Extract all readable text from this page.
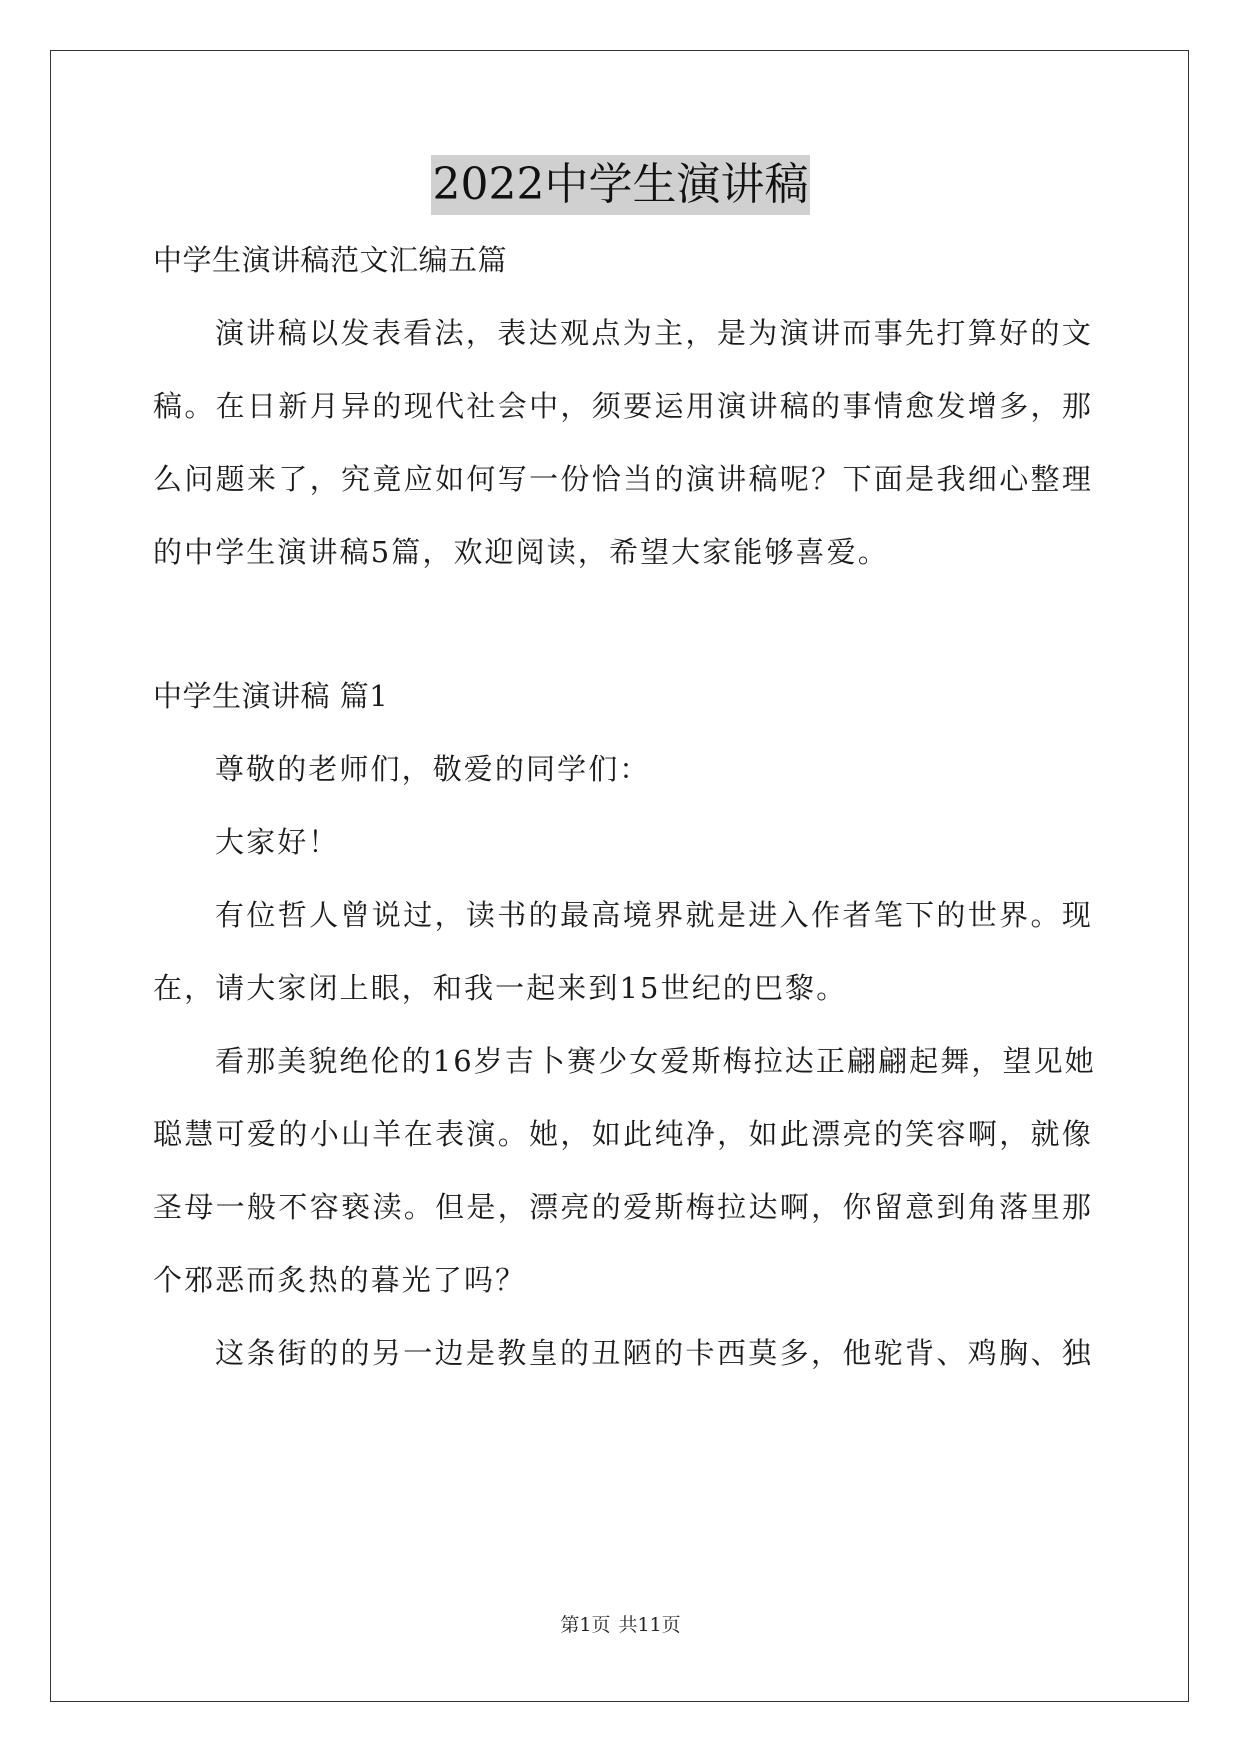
2022中学生演讲稿
中学生演讲稿范文汇编五篇
演讲稿以发表看法，表达观点为主，是为演讲而事先打算好的文
稿。在日新月异的现代社会中，须要运用演讲稿的事情愈发增多，那
么问题来了，究竟应如何写一份恰当的演讲稿呢？下面是我细心整理
的中学生演讲稿5篇，欢迎阅读，希望大家能够喜爱。
中学生演讲稿 篇1
尊敬的老师们，敬爱的同学们：
大家好！
有位哲人曾说过，读书的最高境界就是进入作者笔下的世界。现
在，请大家闭上眼，和我一起来到15世纪的巴黎。
看那美貌绝伦的16岁吉卜赛少女爱斯梅拉达正翩翩起舞，望见她
聪慧可爱的小山羊在表演。她，如此纯净，如此漂亮的笑容啊，就像
圣母一般不容亵渎。但是，漂亮的爱斯梅拉达啊，你留意到角落里那
个邪恶而炙热的暮光了吗？
这条街的的另一边是教皇的丑陋的卡西莫多，他驼背、鸡胸、独
第1页 共11页
